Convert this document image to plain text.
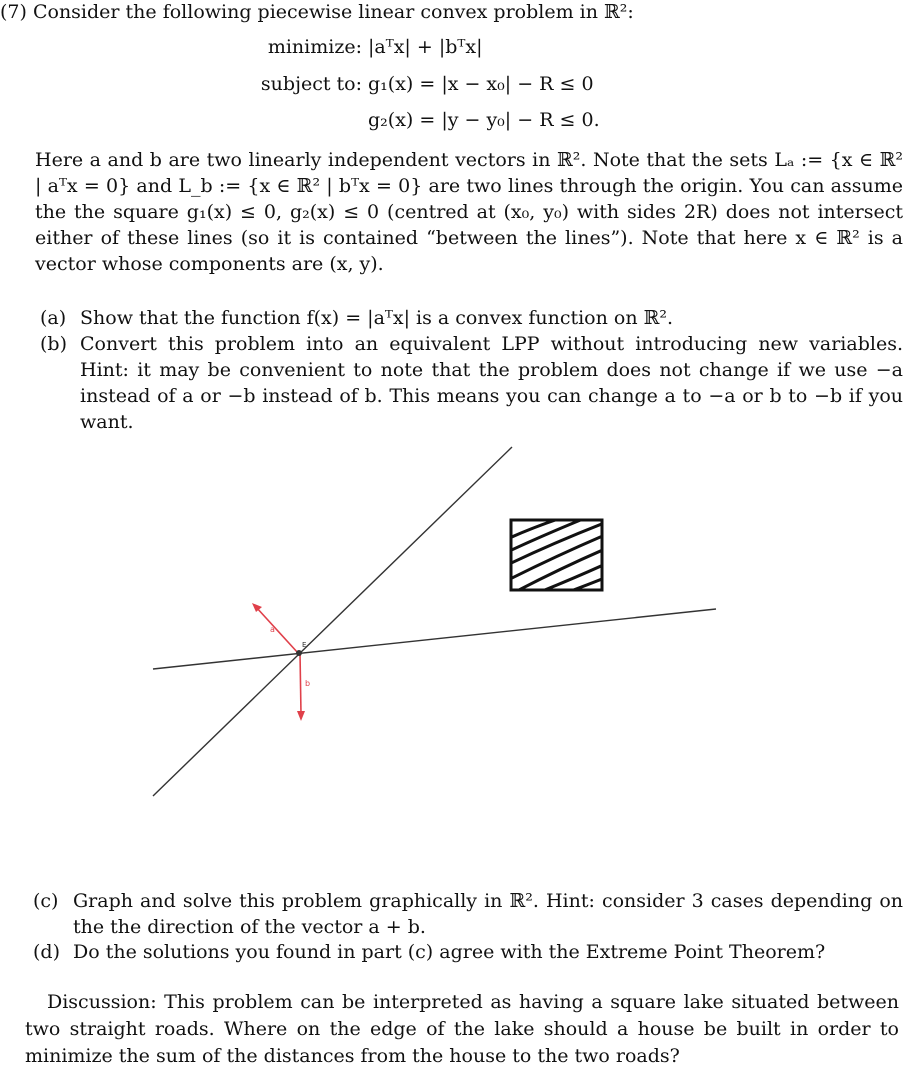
(7) Consider the following piecewise linear convex problem in ℝ²:
minimize: |aᵀx| + |bᵀx|
subject to: g₁(x) = |x − x₀| − R ≤ 0
g₂(x) = |y − y₀| − R ≤ 0.
Here a and b are two linearly independent vectors in ℝ². Note that the sets Lₐ := {x ∈ ℝ² | aᵀx = 0} and L_b := {x ∈ ℝ² | bᵀx = 0} are two lines through the origin. You can assume the the square g₁(x) ≤ 0, g₂(x) ≤ 0 (centred at (x₀, y₀) with sides 2R) does not intersect either of these lines (so it is contained “between the lines”). Note that here x ∈ ℝ² is a vector whose components are (x, y).
(a) Show that the function f(x) = |aᵀx| is a convex function on ℝ².
(b) Convert this problem into an equivalent LPP without introducing new variables. Hint: it may be convenient to note that the problem does not change if we use −a instead of a or −b instead of b. This means you can change a to −a or b to −b if you want.
a
b
E
(c) Graph and solve this problem graphically in ℝ². Hint: consider 3 cases depending on the the direction of the vector a + b.
(d) Do the solutions you found in part (c) agree with the Extreme Point Theorem?
Discussion: This problem can be interpreted as having a square lake situated between two straight roads. Where on the edge of the lake should a house be built in order to minimize the sum of the distances from the house to the two roads?
